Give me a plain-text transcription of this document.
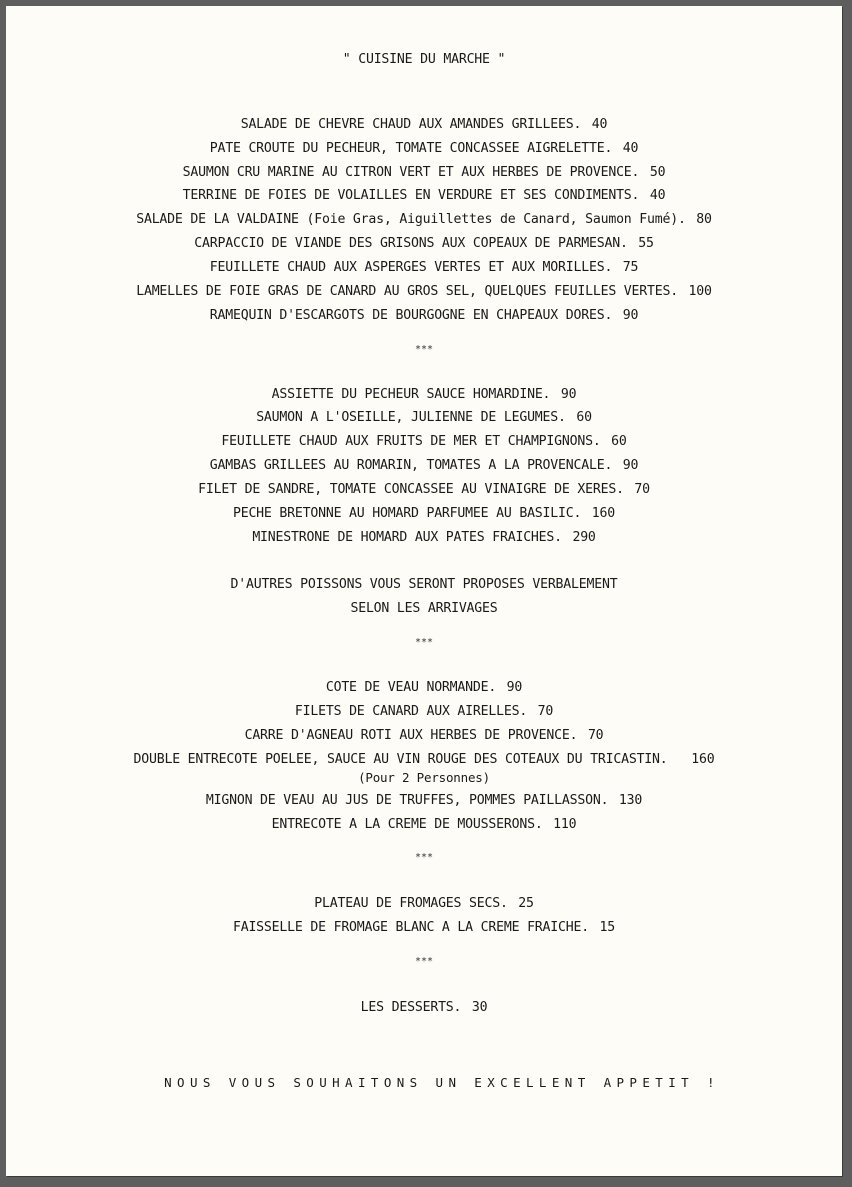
" CUISINE DU MARCHE "
SALADE DE CHEVRE CHAUD AUX AMANDES GRILLEES. 40
PATE CROUTE DU PECHEUR, TOMATE CONCASSEE AIGRELETTE. 40
SAUMON CRU MARINE AU CITRON VERT ET AUX HERBES DE PROVENCE. 50
TERRINE DE FOIES DE VOLAILLES EN VERDURE ET SES CONDIMENTS. 40
SALADE DE LA VALDAINE (Foie Gras, Aiguillettes de Canard, Saumon Fumé). 80
CARPACCIO DE VIANDE DES GRISONS AUX COPEAUX DE PARMESAN. 55
FEUILLETE CHAUD AUX ASPERGES VERTES ET AUX MORILLES. 75
LAMELLES DE FOIE GRAS DE CANARD AU GROS SEL, QUELQUES FEUILLES VERTES. 100
RAMEQUIN D'ESCARGOTS DE BOURGOGNE EN CHAPEAUX DORES. 90
***
ASSIETTE DU PECHEUR SAUCE HOMARDINE. 90
SAUMON A L'OSEILLE, JULIENNE DE LEGUMES. 60
FEUILLETE CHAUD AUX FRUITS DE MER ET CHAMPIGNONS. 60
GAMBAS GRILLEES AU ROMARIN, TOMATES A LA PROVENCALE. 90
FILET DE SANDRE, TOMATE CONCASSEE AU VINAIGRE DE XERES. 70
PECHE BRETONNE AU HOMARD PARFUMEE AU BASILIC. 160
MINESTRONE DE HOMARD AUX PATES FRAICHES. 290
D'AUTRES POISSONS VOUS SERONT PROPOSES VERBALEMENT
SELON LES ARRIVAGES
***
COTE DE VEAU NORMANDE. 90
FILETS DE CANARD AUX AIRELLES. 70
CARRE D'AGNEAU ROTI AUX HERBES DE PROVENCE. 70
DOUBLE ENTRECOTE POELEE, SAUCE AU VIN ROUGE DES COTEAUX DU TRICASTIN. 160
(Pour 2 Personnes)
MIGNON DE VEAU AU JUS DE TRUFFES, POMMES PAILLASSON. 130
ENTRECOTE A LA CREME DE MOUSSERONS. 110
***
PLATEAU DE FROMAGES SECS. 25
FAISSELLE DE FROMAGE BLANC A LA CREME FRAICHE. 15
***
LES DESSERTS. 30
NOUS VOUS SOUHAITONS UN EXCELLENT APPETIT !
